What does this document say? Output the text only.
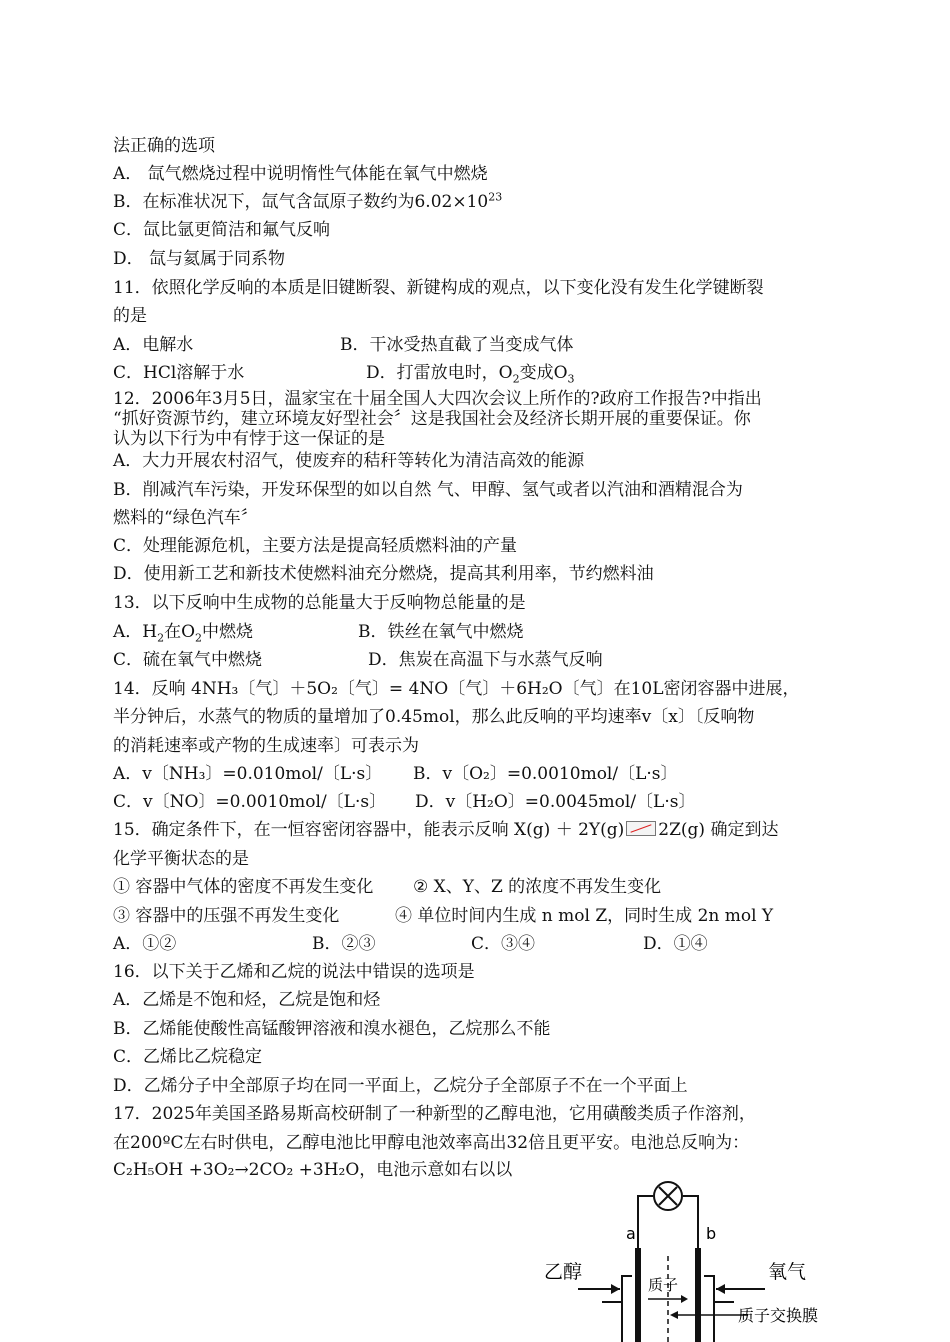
法正确的选项
A． 氙气燃烧过程中说明惰性气体能在氧气中燃烧
B．在标准状况下，氙气含氙原子数约为$6.02\times 10^{23}$
C．氙比氩更简洁和氟气反响
D． 氙与氦属于同系物
11．依照化学反响的本质是旧键断裂、新键构成的观点，以下变化没有发生化学键断裂
的是
A．电解水	B．干冰受热直截了当变成气体
C．HCl溶解于水	D．打雷放电时，$O_2$变成$O_3$
12．2006年3月5日，温家宝在十届全国人大四次会议上所作的?政府工作报告?中指出
“抓好资源节约，建立环境友好型社会〞这是我国社会及经济长期开展的重要保证。你
认为以下行为中有悖于这一保证的是
A．大力开展农村沼气，使废弃的秸秆等转化为清洁高效的能源
B．削减汽车污染，开发环保型的如以自然 气、甲醇、氢气或者以汽油和酒精混合为
燃料的“绿色汽车〞
C．处理能源危机，主要方法是提高轻质燃料油的产量
D．使用新工艺和新技术使燃料油充分燃烧，提高其利用率，节约燃料油
13．以下反响中生成物的总能量大于反响物总能量的是
A．$H_2$在$O_2$中燃烧	B．铁丝在氧气中燃烧
C．硫在氧气中燃烧	D．焦炭在高温下与水蒸气反响
14．反响 4NH₃〔气〕＋5O₂〔气〕= 4NO〔气〕＋6H₂O〔气〕在10L密闭容器中进展，
半分钟后，水蒸气的物质的量增加了0.45mol，那么此反响的平均速率v〔x〕〔反响物
的消耗速率或产物的生成速率〕可表示为
A．v〔NH₃〕=0.010mol/〔L·s〕 B．v〔O₂〕=0.0010mol/〔L·s〕
C．v〔NO〕=0.0010mol/〔L·s〕 D．v〔H₂O〕=0.0045mol/〔L·s〕
15．确定条件下，在一恒容密闭容器中，能表示反响 X(g) ＋ 2Y(g) 2Z(g) 确定到达
化学平衡状态的是
① 容器中气体的密度不再发生变化 ② X、Y、Z 的浓度不再发生变化
③ 容器中的压强不再发生变化	④ 单位时间内生成 n mol Z，同时生成 2n mol Y
A．①②	B．②③	C．③④	D．①④
16．以下关于乙烯和乙烷的说法中错误的选项是
A．乙烯是不饱和烃，乙烷是饱和烃
B．乙烯能使酸性高锰酸钾溶液和溴水褪色，乙烷那么不能
C．乙烯比乙烷稳定
D．乙烯分子中全部原子均在同一平面上，乙烷分子全部原子不在一个平面上
17．2025年美国圣路易斯高校研制了一种新型的乙醇电池，它用磺酸类质子作溶剂，
在200ºC左右时供电，乙醇电池比甲醇电池效率高出32倍且更平安。电池总反响为：
C₂H₅OH +3O₂→2CO₂ +3H₂O，电池示意如右以以
a	b
乙醇	氧气
质子
质子交换膜
